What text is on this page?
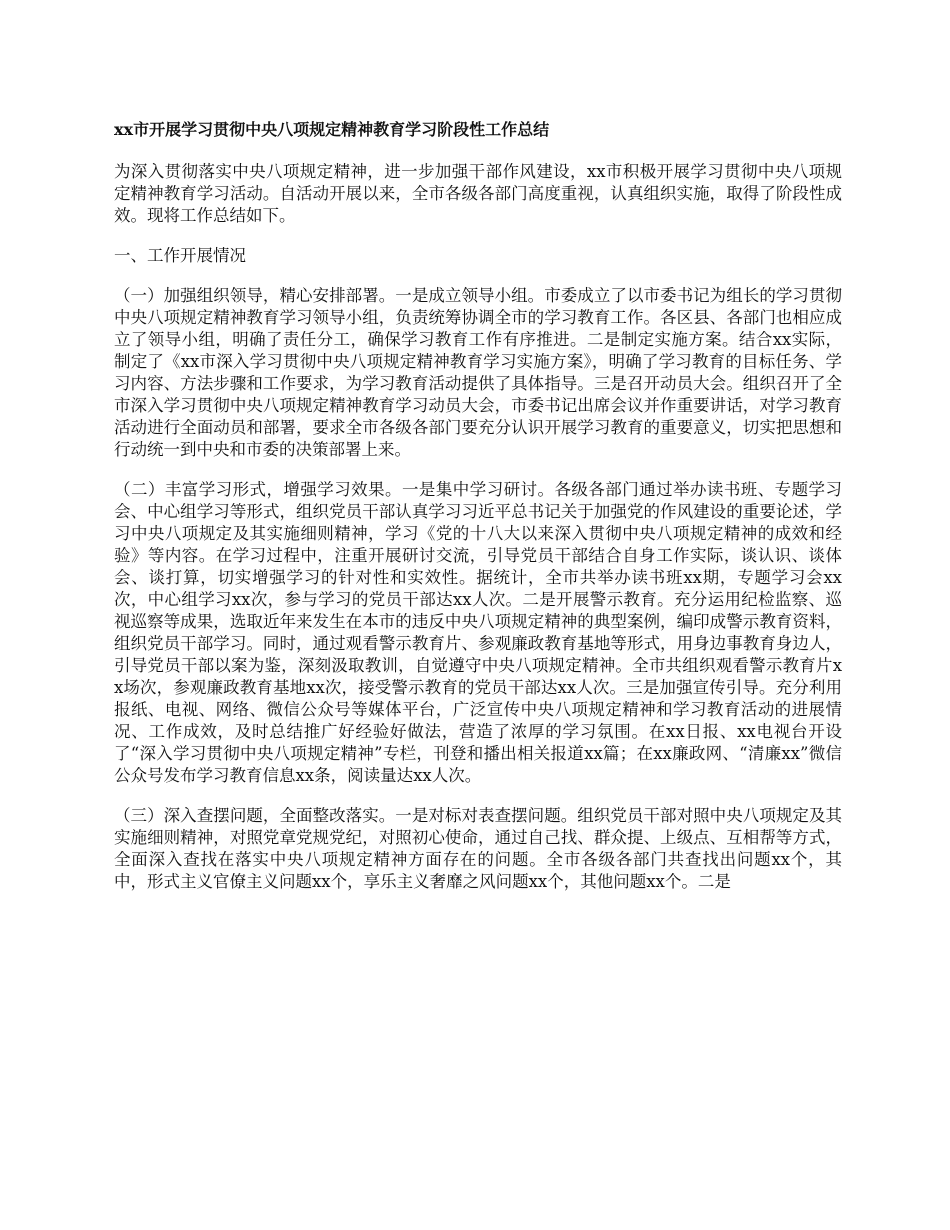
xx市开展学习贯彻中央八项规定精神教育学习阶段性工作总结

为深入贯彻落实中央八项规定精神，进一步加强干部作风建设，xx市积极开展学习贯彻中央八项规定精神教育学习活动。自活动开展以来，全市各级各部门高度重视，认真组织实施，取得了阶段性成效。现将工作总结如下。

一、工作开展情况

（一）加强组织领导，精心安排部署。一是成立领导小组。市委成立了以市委书记为组长的学习贯彻中央八项规定精神教育学习领导小组，负责统筹协调全市的学习教育工作。各区县、各部门也相应成立了领导小组，明确了责任分工，确保学习教育工作有序推进。二是制定实施方案。结合xx实际，制定了《xx市深入学习贯彻中央八项规定精神教育学习实施方案》，明确了学习教育的目标任务、学习内容、方法步骤和工作要求，为学习教育活动提供了具体指导。三是召开动员大会。组织召开了全市深入学习贯彻中央八项规定精神教育学习动员大会，市委书记出席会议并作重要讲话，对学习教育活动进行全面动员和部署，要求全市各级各部门要充分认识开展学习教育的重要意义，切实把思想和行动统一到中央和市委的决策部署上来。

（二）丰富学习形式，增强学习效果。一是集中学习研讨。各级各部门通过举办读书班、专题学习会、中心组学习等形式，组织党员干部认真学习习近平总书记关于加强党的作风建设的重要论述，学习中央八项规定及其实施细则精神，学习《党的十八大以来深入贯彻中央八项规定精神的成效和经验》等内容。在学习过程中，注重开展研讨交流，引导党员干部结合自身工作实际，谈认识、谈体会、谈打算，切实增强学习的针对性和实效性。据统计，全市共举办读书班xx期，专题学习会xx次，中心组学习xx次，参与学习的党员干部达xx人次。二是开展警示教育。充分运用纪检监察、巡视巡察等成果，选取近年来发生在本市的违反中央八项规定精神的典型案例，编印成警示教育资料，组织党员干部学习。同时，通过观看警示教育片、参观廉政教育基地等形式，用身边事教育身边人，引导党员干部以案为鉴，深刻汲取教训，自觉遵守中央八项规定精神。全市共组织观看警示教育片xx场次，参观廉政教育基地xx次，接受警示教育的党员干部达xx人次。三是加强宣传引导。充分利用报纸、电视、网络、微信公众号等媒体平台，广泛宣传中央八项规定精神和学习教育活动的进展情况、工作成效，及时总结推广好经验好做法，营造了浓厚的学习氛围。在xx日报、xx电视台开设了“深入学习贯彻中央八项规定精神”专栏，刊登和播出相关报道xx篇；在xx廉政网、“清廉xx”微信公众号发布学习教育信息xx条，阅读量达xx人次。

（三）深入查摆问题，全面整改落实。一是对标对表查摆问题。组织党员干部对照中央八项规定及其实施细则精神，对照党章党规党纪，对照初心使命，通过自己找、群众提、上级点、互相帮等方式，全面深入查找在落实中央八项规定精神方面存在的问题。全市各级各部门共查找出问题xx个，其中，形式主义官僚主义问题xx个，享乐主义奢靡之风问题xx个，其他问题xx个。二是
